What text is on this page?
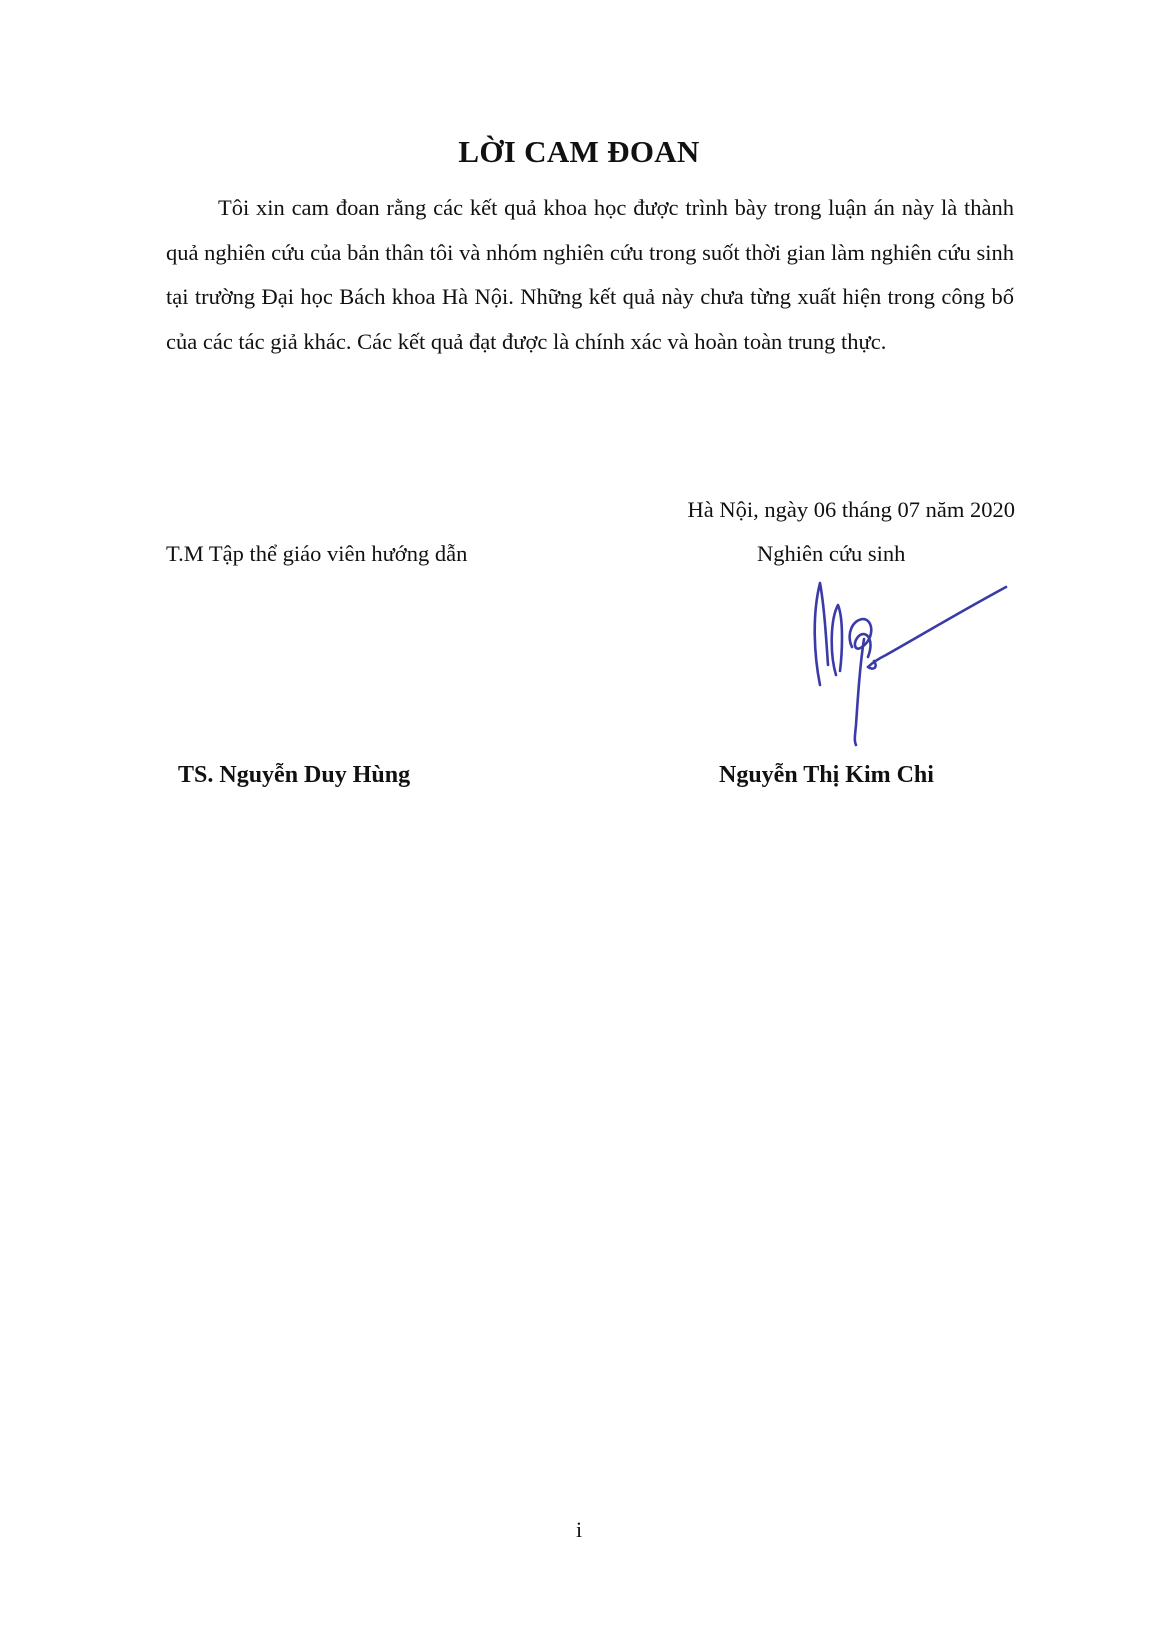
LỜI CAM ĐOAN
Tôi xin cam đoan rằng các kết quả khoa học được trình bày trong luận án này là thành quả nghiên cứu của bản thân tôi và nhóm nghiên cứu trong suốt thời gian làm nghiên cứu sinh tại trường Đại học Bách khoa Hà Nội. Những kết quả này chưa từng xuất hiện trong công bố của các tác giả khác. Các kết quả đạt được là chính xác và hoàn toàn trung thực.
Hà Nội, ngày 06 tháng 07 năm 2020
T.M Tập thể giáo viên hướng dẫn	Nghiên cứu sinh
TS. Nguyễn Duy Hùng	Nguyễn Thị Kim Chi
i
